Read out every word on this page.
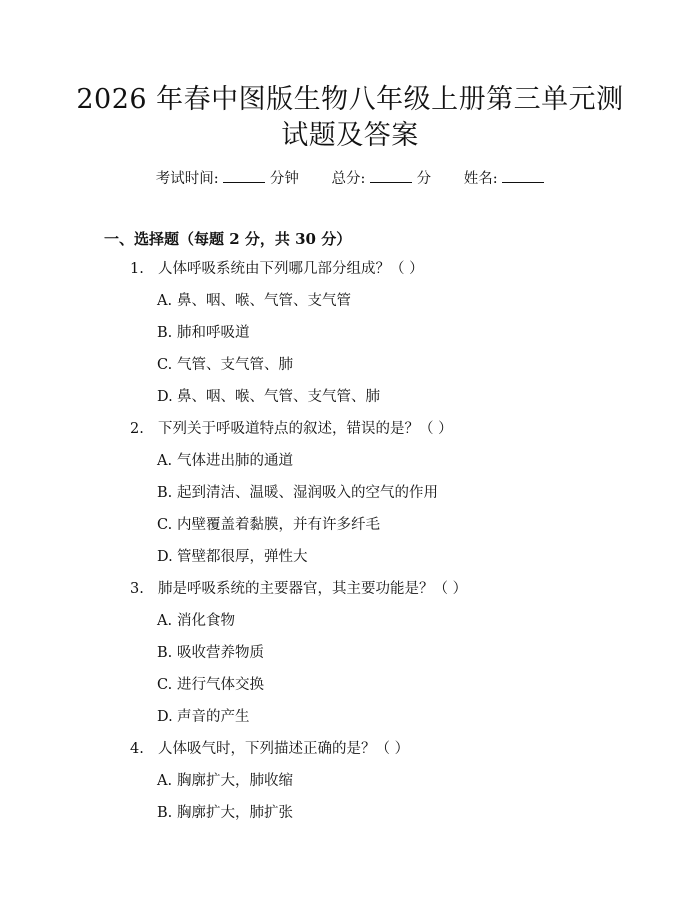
2026 年春中图版生物八年级上册第三单元测
试题及答案
考试时间:	分钟 总分:	分 姓名:
一、选择题（每题 2 分，共 30 分）
1. 人体呼吸系统由下列哪几部分组成？（ ）
A. 鼻、咽、喉、气管、支气管
B. 肺和呼吸道
C. 气管、支气管、肺
D. 鼻、咽、喉、气管、支气管、肺
2. 下列关于呼吸道特点的叙述，错误的是？（ ）
A. 气体进出肺的通道
B. 起到清洁、温暖、湿润吸入的空气的作用
C. 内壁覆盖着黏膜，并有许多纤毛
D. 管壁都很厚，弹性大
3. 肺是呼吸系统的主要器官，其主要功能是？（ ）
A. 消化食物
B. 吸收营养物质
C. 进行气体交换
D. 声音的产生
4. 人体吸气时，下列描述正确的是？（ ）
A. 胸廓扩大，肺收缩
B. 胸廓扩大，肺扩张
